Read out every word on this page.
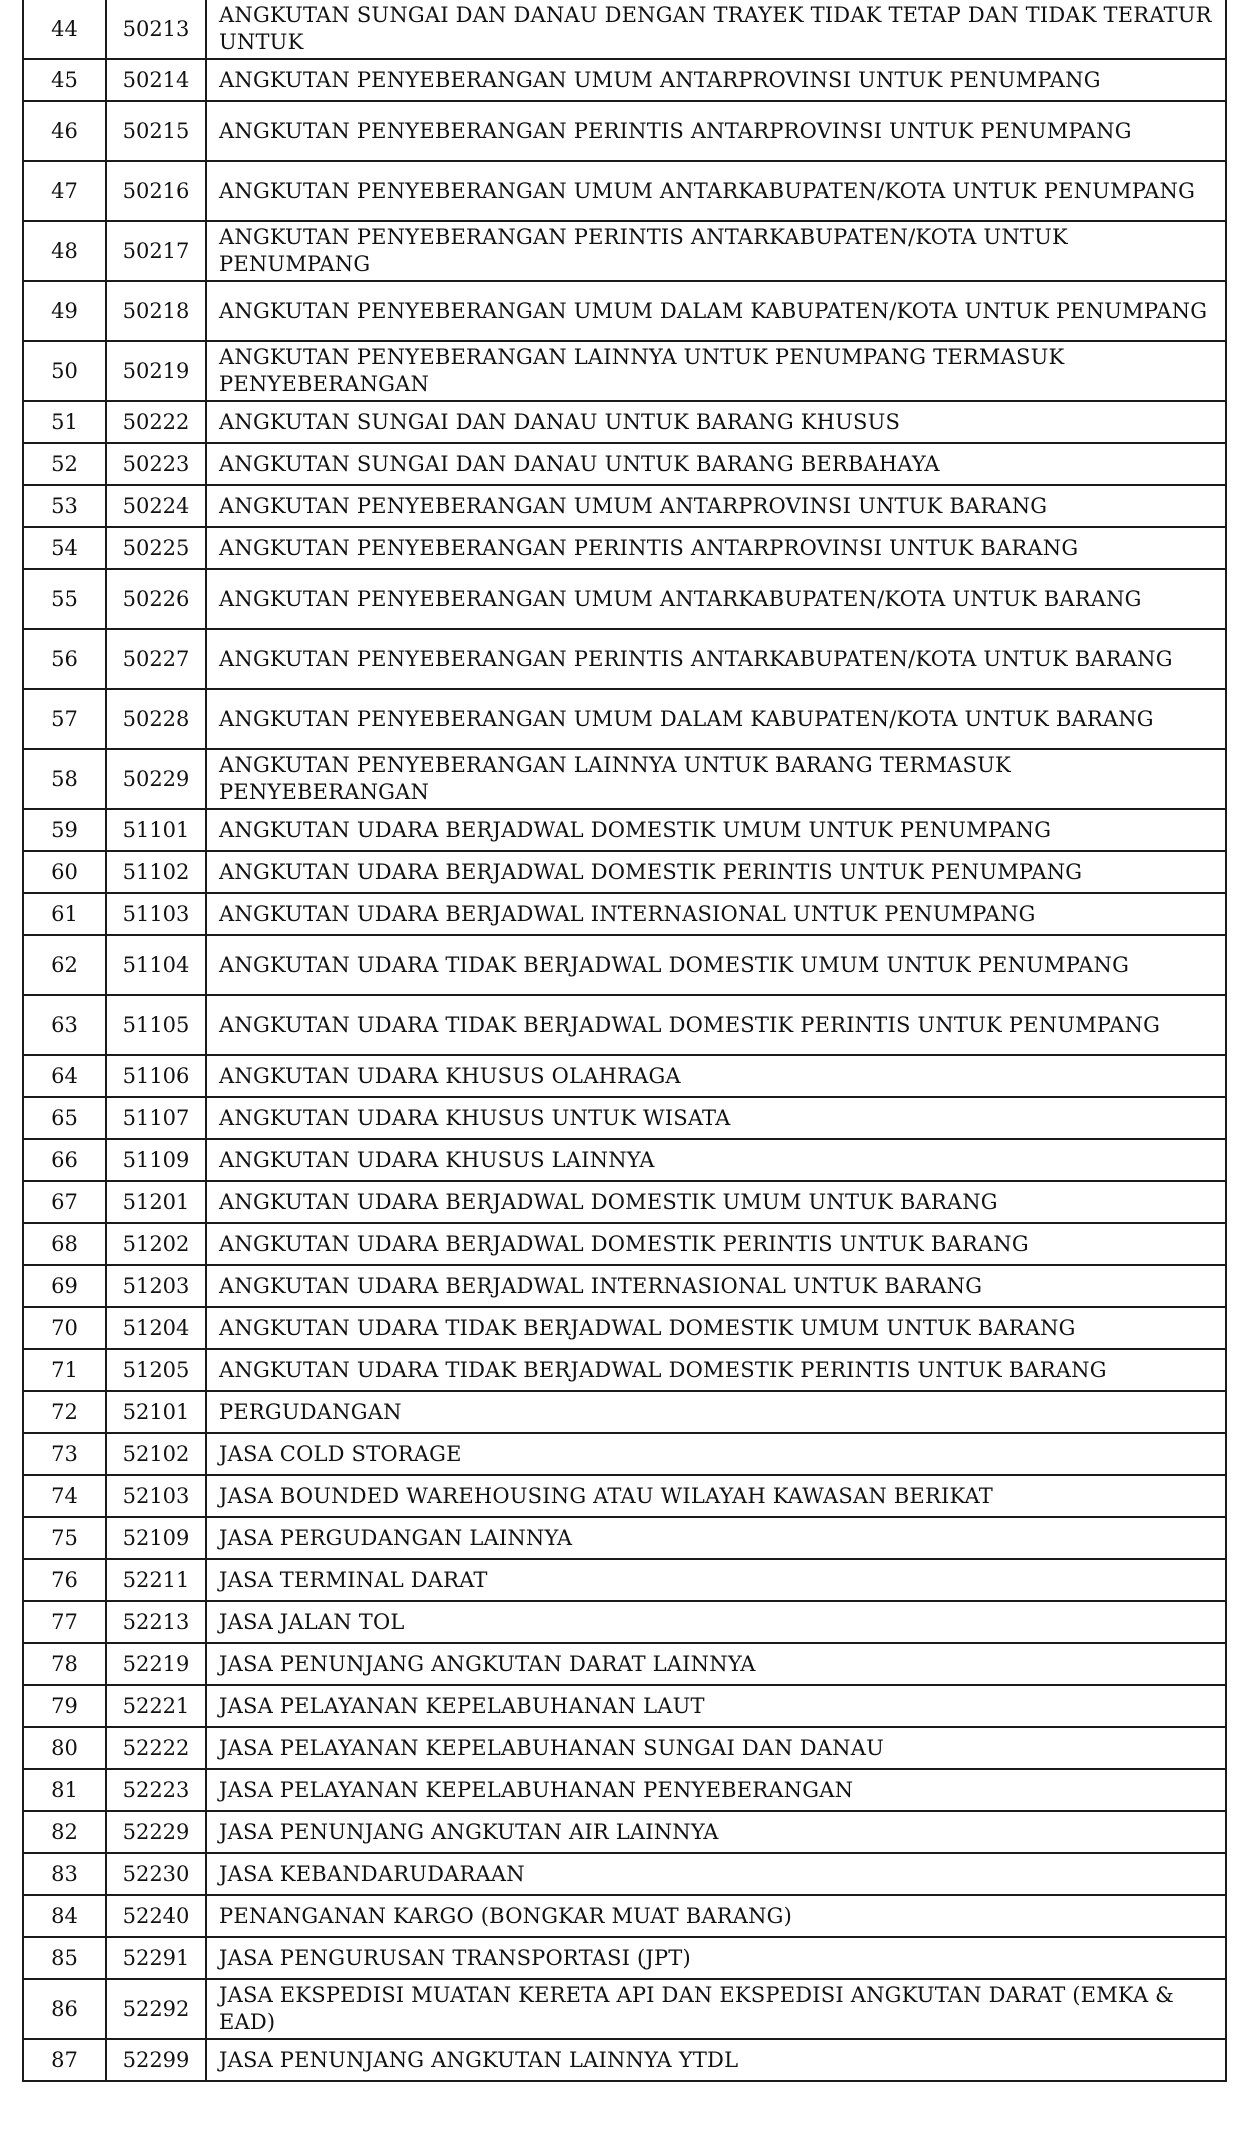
44	50213	ANGKUTAN SUNGAI DAN DANAU DENGAN TRAYEK TIDAK TETAP DAN TIDAK TERATUR UNTUK
45	50214	ANGKUTAN PENYEBERANGAN UMUM ANTARPROVINSI UNTUK PENUMPANG
46	50215	ANGKUTAN PENYEBERANGAN PERINTIS ANTARPROVINSI UNTUK PENUMPANG
47	50216	ANGKUTAN PENYEBERANGAN UMUM ANTARKABUPATEN/KOTA UNTUK PENUMPANG
48	50217	ANGKUTAN PENYEBERANGAN PERINTIS ANTARKABUPATEN/KOTA UNTUK PENUMPANG
49	50218	ANGKUTAN PENYEBERANGAN UMUM DALAM KABUPATEN/KOTA UNTUK PENUMPANG
50	50219	ANGKUTAN PENYEBERANGAN LAINNYA UNTUK PENUMPANG TERMASUK PENYEBERANGAN
51	50222	ANGKUTAN SUNGAI DAN DANAU UNTUK BARANG KHUSUS
52	50223	ANGKUTAN SUNGAI DAN DANAU UNTUK BARANG BERBAHAYA
53	50224	ANGKUTAN PENYEBERANGAN UMUM ANTARPROVINSI UNTUK BARANG
54	50225	ANGKUTAN PENYEBERANGAN PERINTIS ANTARPROVINSI UNTUK BARANG
55	50226	ANGKUTAN PENYEBERANGAN UMUM ANTARKABUPATEN/KOTA UNTUK BARANG
56	50227	ANGKUTAN PENYEBERANGAN PERINTIS ANTARKABUPATEN/KOTA UNTUK BARANG
57	50228	ANGKUTAN PENYEBERANGAN UMUM DALAM KABUPATEN/KOTA UNTUK BARANG
58	50229	ANGKUTAN PENYEBERANGAN LAINNYA UNTUK BARANG TERMASUK PENYEBERANGAN
59	51101	ANGKUTAN UDARA BERJADWAL DOMESTIK UMUM UNTUK PENUMPANG
60	51102	ANGKUTAN UDARA BERJADWAL DOMESTIK PERINTIS UNTUK PENUMPANG
61	51103	ANGKUTAN UDARA BERJADWAL INTERNASIONAL UNTUK PENUMPANG
62	51104	ANGKUTAN UDARA TIDAK BERJADWAL DOMESTIK UMUM UNTUK PENUMPANG
63	51105	ANGKUTAN UDARA TIDAK BERJADWAL DOMESTIK PERINTIS UNTUK PENUMPANG
64	51106	ANGKUTAN UDARA KHUSUS OLAHRAGA
65	51107	ANGKUTAN UDARA KHUSUS UNTUK WISATA
66	51109	ANGKUTAN UDARA KHUSUS LAINNYA
67	51201	ANGKUTAN UDARA BERJADWAL DOMESTIK UMUM UNTUK BARANG
68	51202	ANGKUTAN UDARA BERJADWAL DOMESTIK PERINTIS UNTUK BARANG
69	51203	ANGKUTAN UDARA BERJADWAL INTERNASIONAL UNTUK BARANG
70	51204	ANGKUTAN UDARA TIDAK BERJADWAL DOMESTIK UMUM UNTUK BARANG
71	51205	ANGKUTAN UDARA TIDAK BERJADWAL DOMESTIK PERINTIS UNTUK BARANG
72	52101	PERGUDANGAN
73	52102	JASA COLD STORAGE
74	52103	JASA BOUNDED WAREHOUSING ATAU WILAYAH KAWASAN BERIKAT
75	52109	JASA PERGUDANGAN LAINNYA
76	52211	JASA TERMINAL DARAT
77	52213	JASA JALAN TOL
78	52219	JASA PENUNJANG ANGKUTAN DARAT LAINNYA
79	52221	JASA PELAYANAN KEPELABUHANAN LAUT
80	52222	JASA PELAYANAN KEPELABUHANAN SUNGAI DAN DANAU
81	52223	JASA PELAYANAN KEPELABUHANAN PENYEBERANGAN
82	52229	JASA PENUNJANG ANGKUTAN AIR LAINNYA
83	52230	JASA KEBANDARUDARAAN
84	52240	PENANGANAN KARGO (BONGKAR MUAT BARANG)
85	52291	JASA PENGURUSAN TRANSPORTASI (JPT)
86	52292	JASA EKSPEDISI MUATAN KERETA API DAN EKSPEDISI ANGKUTAN DARAT (EMKA & EAD)
87	52299	JASA PENUNJANG ANGKUTAN LAINNYA YTDL
